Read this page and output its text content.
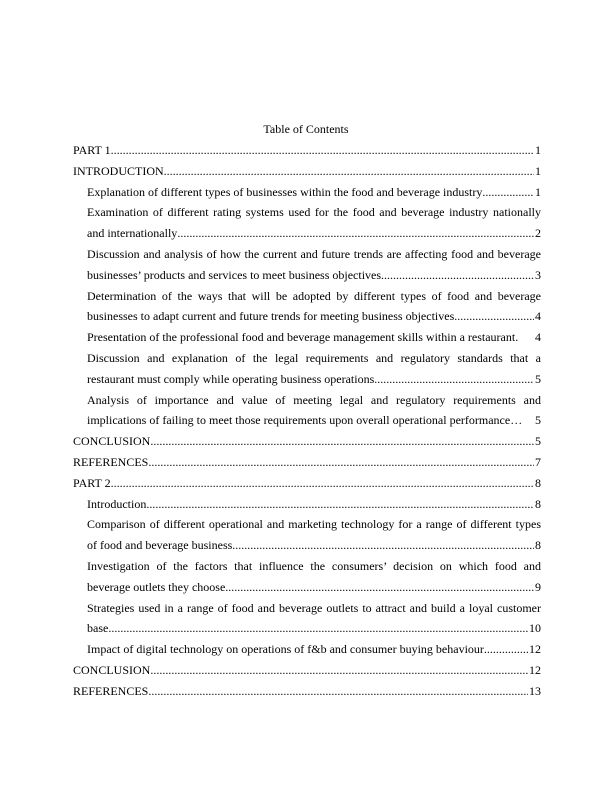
Table of Contents
PART 1 .....	1
INTRODUCTION .....	1
Explanation of different types of businesses within the food and beverage industry .....	1
Examination of different rating systems used for the food and beverage industry nationally
and internationally .....	2
Discussion and analysis of how the current and future trends are affecting food and beverage
businesses’ products and services to meet business objectives .....	3
Determination of the ways that will be adopted by different types of food and beverage
businesses to adapt current and future trends for meeting business objectives .....	4
Presentation of the professional food and beverage management skills within a restaurant. 4
Discussion and explanation of the legal requirements and regulatory standards that a
restaurant must comply while operating business operations .....	5
Analysis of importance and value of meeting legal and regulatory requirements and
implications of failing to meet those requirements upon overall operational performance … 5
CONCLUSION .....	5
REFERENCES .....	7
PART 2 .....	8
Introduction .....	8
Comparison of different operational and marketing technology for a range of different types
of food and beverage business .....	8
Investigation of the factors that influence the consumers’ decision on which food and
beverage outlets they choose .....	9
Strategies used in a range of food and beverage outlets to attract and build a loyal customer
base .....	10
Impact of digital technology on operations of f&b and consumer buying behaviour .....	12
CONCLUSION .....	12
REFERENCES .....	13
